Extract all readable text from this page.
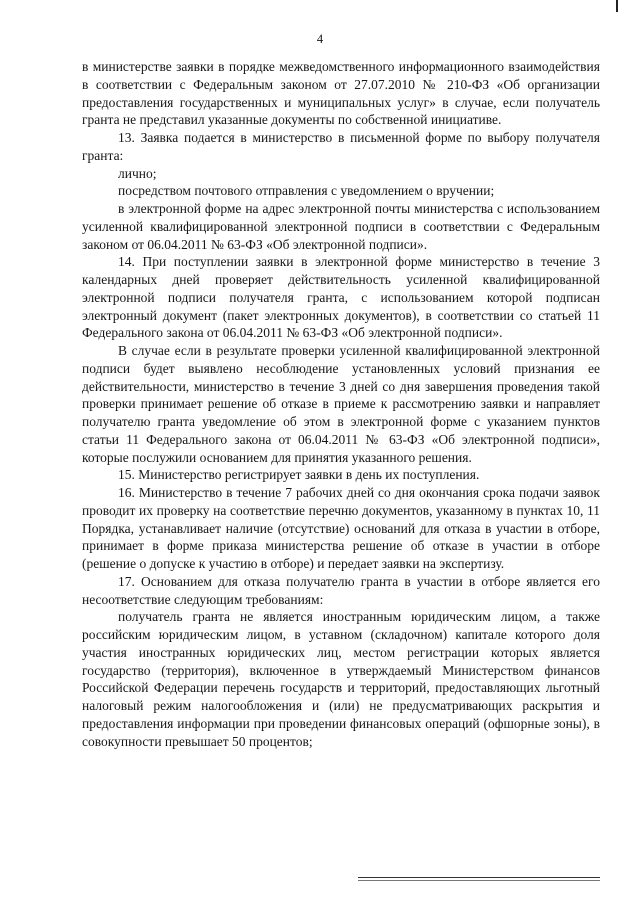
4

в министерстве заявки в порядке межведомственного информационного взаимодействия в соответствии с Федеральным законом от 27.07.2010 № 210-ФЗ «Об организации предоставления государственных и муниципальных услуг» в случае, если получатель гранта не представил указанные документы по собственной инициативе.

13. Заявка подается в министерство в письменной форме по выбору получателя гранта:

лично;

посредством почтового отправления с уведомлением о вручении;

в электронной форме на адрес электронной почты министерства с использованием усиленной квалифицированной электронной подписи в соответствии с Федеральным законом от 06.04.2011 № 63-ФЗ «Об электронной подписи».

14. При поступлении заявки в электронной форме министерство в течение 3 календарных дней проверяет действительность усиленной квалифицированной электронной подписи получателя гранта, с использованием которой подписан электронный документ (пакет электронных документов), в соответствии со статьей 11 Федерального закона от 06.04.2011 № 63-ФЗ «Об электронной подписи».

В случае если в результате проверки усиленной квалифицированной электронной подписи будет выявлено несоблюдение установленных условий признания ее действительности, министерство в течение 3 дней со дня завершения проведения такой проверки принимает решение об отказе в приеме к рассмотрению заявки и направляет получателю гранта уведомление об этом в электронной форме с указанием пунктов статьи 11 Федерального закона от 06.04.2011 № 63-ФЗ «Об электронной подписи», которые послужили основанием для принятия указанного решения.

15. Министерство регистрирует заявки в день их поступления.

16. Министерство в течение 7 рабочих дней со дня окончания срока подачи заявок проводит их проверку на соответствие перечню документов, указанному в пунктах 10, 11 Порядка, устанавливает наличие (отсутствие) оснований для отказа в участии в отборе, принимает в форме приказа министерства решение об отказе в участии в отборе (решение о допуске к участию в отборе) и передает заявки на экспертизу.

17. Основанием для отказа получателю гранта в участии в отборе является его несоответствие следующим требованиям:

получатель гранта не является иностранным юридическим лицом, а также российским юридическим лицом, в уставном (складочном) капитале которого доля участия иностранных юридических лиц, местом регистрации которых является государство (территория), включенное в утверждаемый Министерством финансов Российской Федерации перечень государств и территорий, предоставляющих льготный налоговый режим налогообложения и (или) не предусматривающих раскрытия и предоставления информации при проведении финансовых операций (офшорные зоны), в совокупности превышает 50 процентов;
